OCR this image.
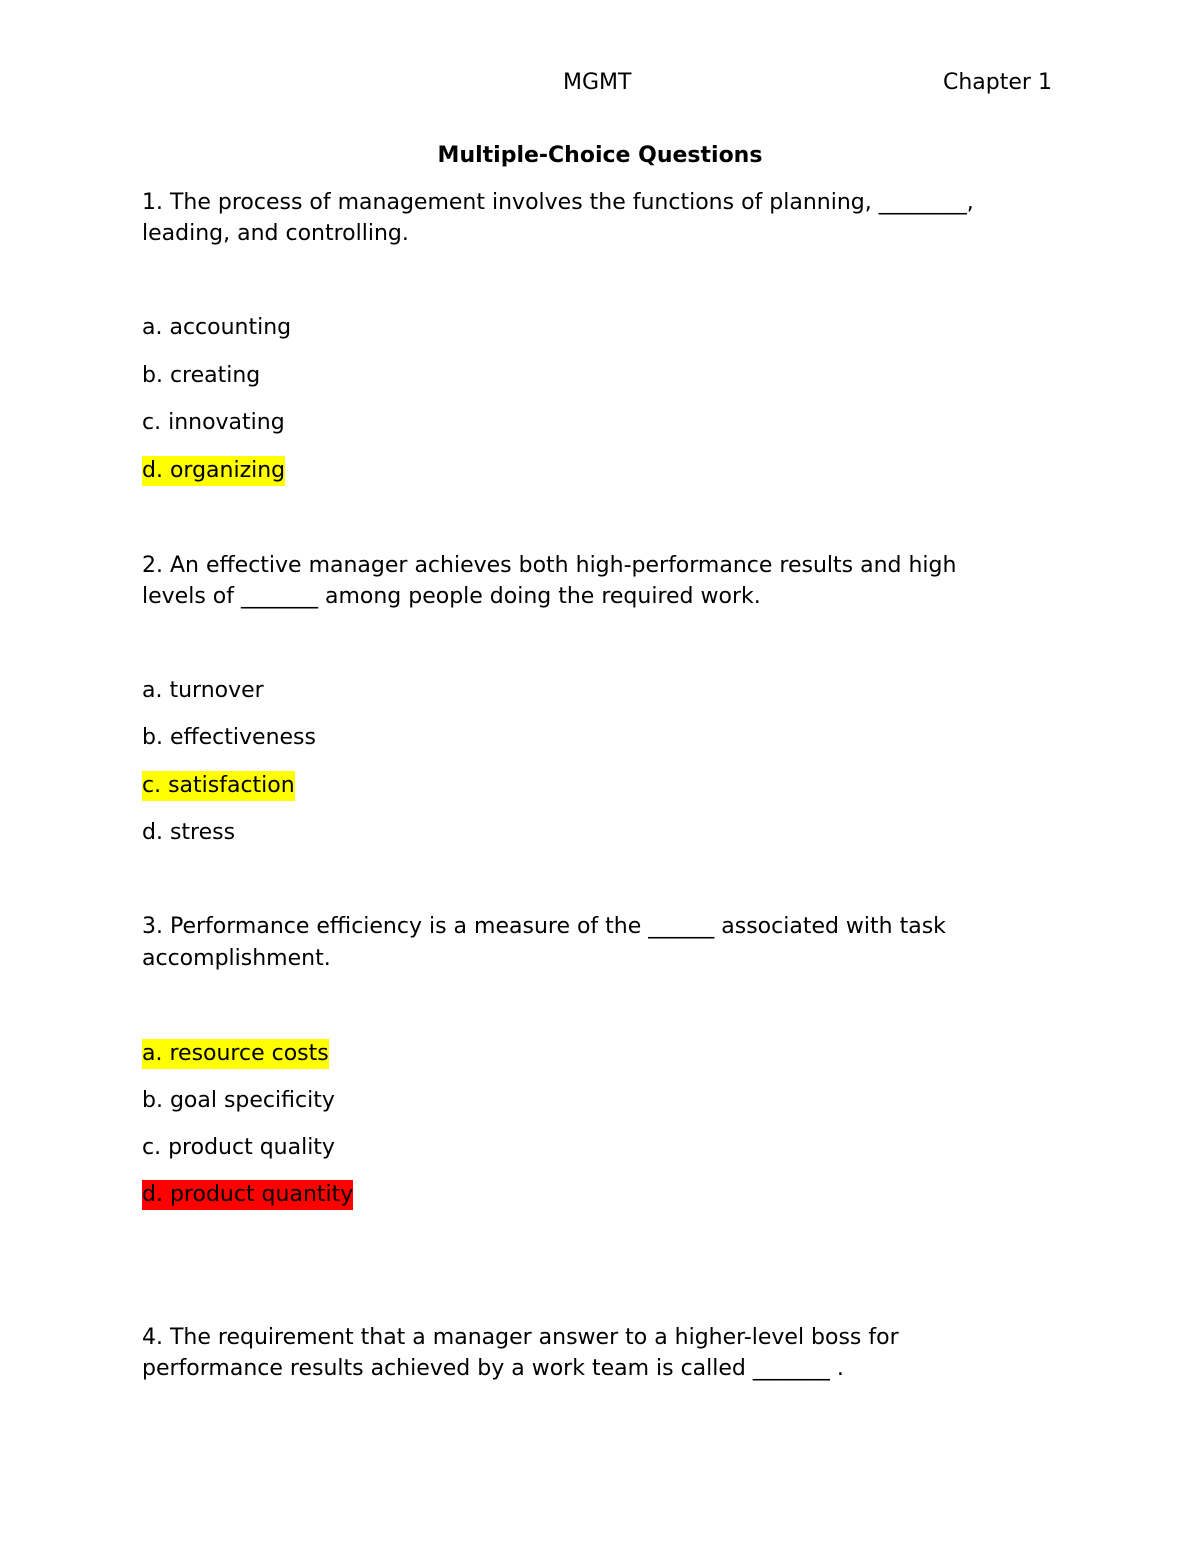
MGMT	Chapter 1
Multiple-Choice Questions
1. The process of management involves the functions of planning, ________,
leading, and controlling.
a. accounting
b. creating
c. innovating
d. organizing
2. An effective manager achieves both high-performance results and high
levels of _______ among people doing the required work.
a. turnover
b. effectiveness
c. satisfaction
d. stress
3. Performance efficiency is a measure of the ______ associated with task
accomplishment.
a. resource costs
b. goal specificity
c. product quality
d. product quantity
4. The requirement that a manager answer to a higher-level boss for
performance results achieved by a work team is called _______ .
